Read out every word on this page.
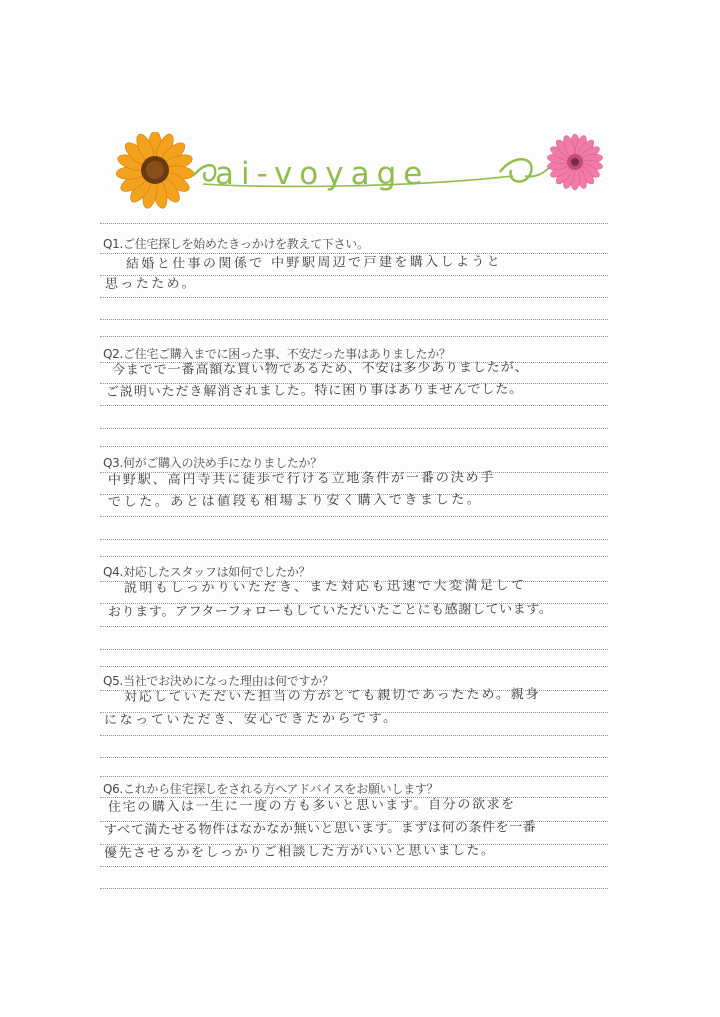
ai-voyage
Q1.ご住宅探しを始めたきっかけを教えて下さい。
結婚と仕事の関係で 中野駅周辺で戸建を購入しようと
思ったため。
Q2.ご住宅ご購入までに困った事、不安だった事はありましたか？
今までで一番高額な買い物であるため、不安は多少ありましたが、
ご説明いただき解消されました。特に困り事はありませんでした。
Q3.何がご購入の決め手になりましたか？
中野駅、高円寺共に徒歩で行ける立地条件が一番の決め手
でした。あとは値段も相場より安く購入できました。
Q4.対応したスタッフは如何でしたか？
説明もしっかりいただき、また対応も迅速で大変満足して
おります。アフターフォローもしていただいたことにも感謝しています。
Q5.当社でお決めになった理由は何ですか？
対応していただいた担当の方がとても親切であったため。親身
になっていただき、安心できたからです。
Q6.これから住宅探しをされる方へアドバイスをお願いします？
住宅の購入は一生に一度の方も多いと思います。自分の欲求を
すべて満たせる物件はなかなか無いと思います。まずは何の条件を一番
優先させるかをしっかりご相談した方がいいと思いました。
